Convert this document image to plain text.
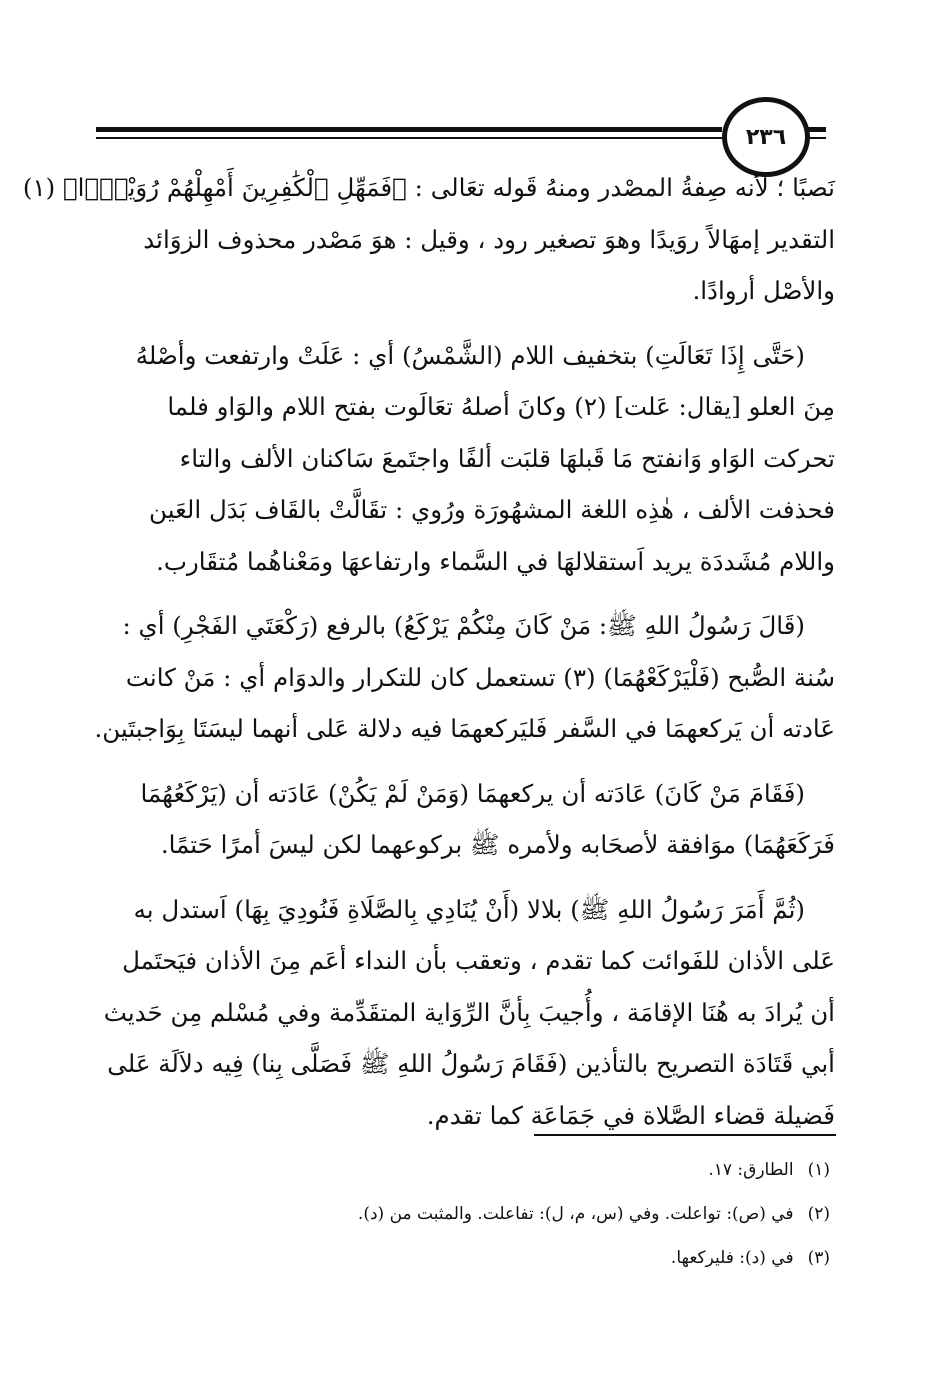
٢٣٦
نَصبًا ؛ لأنه صِفةُ المصْدر ومنهُ قَوله تعَالى : ﴿فَمَهِّلِ ٱلْكَٰفِرِينَ أَمْهِلْهُمْ رُوَيْدًۢا﴾ (١)
التقدير إمهَالاً روَيدًا وهوَ تصغير رود ، وقيل : هوَ مَصْدر محذوف الزوَائد
والأصْل أروادًا.
(حَتَّى إِذَا تَعَالَتِ) بتخفيف اللام (الشَّمْسُ) أي : عَلَتْ وارتفعت وأصْلهُ
مِنَ العلو [يقال: عَلت] (٢) وكانَ أصلهُ تعَالَوت بفتح اللام والوَاو فلما
تحركت الوَاو وَانفتح مَا قَبلهَا قلبَت ألفًا واجتَمعَ سَاكنان الألف والتاء
فحذفت الألف ، هٰذِه اللغة المشهُورَة ورُوي : تقَالَّتْ بالقَاف بَدَل العَين
واللام مُشَددَة يريد اَستقلالهَا في السَّماء وارتفاعهَا ومَعْناهُما مُتقَارب.
(قَالَ رَسُولُ اللهِ ﷺ: مَنْ كَانَ مِنْكُمْ يَرْكَعُ) بالرفع (رَكْعَتَي الفَجْرِ) أي :
سُنة الصُّبح (فَلْيَرْكَعْهُمَا) (٣) تستعمل كان للتكرار والدوَام أي : مَنْ كانت
عَادته أن يَركعهمَا في السَّفر فَليَركعهمَا فيه دلالة عَلى أنهما ليسَتَا بِوَاجبتَين.
(فَقَامَ مَنْ كَانَ) عَادَته أن يركعهمَا (وَمَنْ لَمْ يَكُنْ) عَادَته أن (يَرْكَعُهُمَا
فَرَكَعَهُمَا) موَافقة لأصحَابه ولأمره ﷺ بركوعهما لكن ليسَ أمرًا حَتمًا.
(ثُمَّ أَمَرَ رَسُولُ اللهِ ﷺ) بلالا (أَنْ يُنَادِي بِالصَّلَاةِ فَنُودِيَ بِهَا) اَستدل به
عَلى الأذان للفَوائت كما تقدم ، وتعقب بأن النداء أعَم مِنَ الأذان فيَحتَمل
أن يُرادَ به هُنَا الإقامَة ، وأُجيبَ بِأنَّ الرِّوَاية المتقَدِّمة وفي مُسْلم مِن حَديث
أبي قَتَادَة التصريح بالتأذين (فَقَامَ رَسُولُ اللهِ ﷺ فَصَلَّى بِنا) فِيه دلاَلَة عَلى
فَضيلة قضاء الصَّلاة في جَمَاعَة كما تقدم.
(١)الطارق: ١٧.
(٢)في (ص): تواعلت. وفي (س، م، ل): تفاعلت. والمثبت من (د).
(٣)في (د): فليركعها.
